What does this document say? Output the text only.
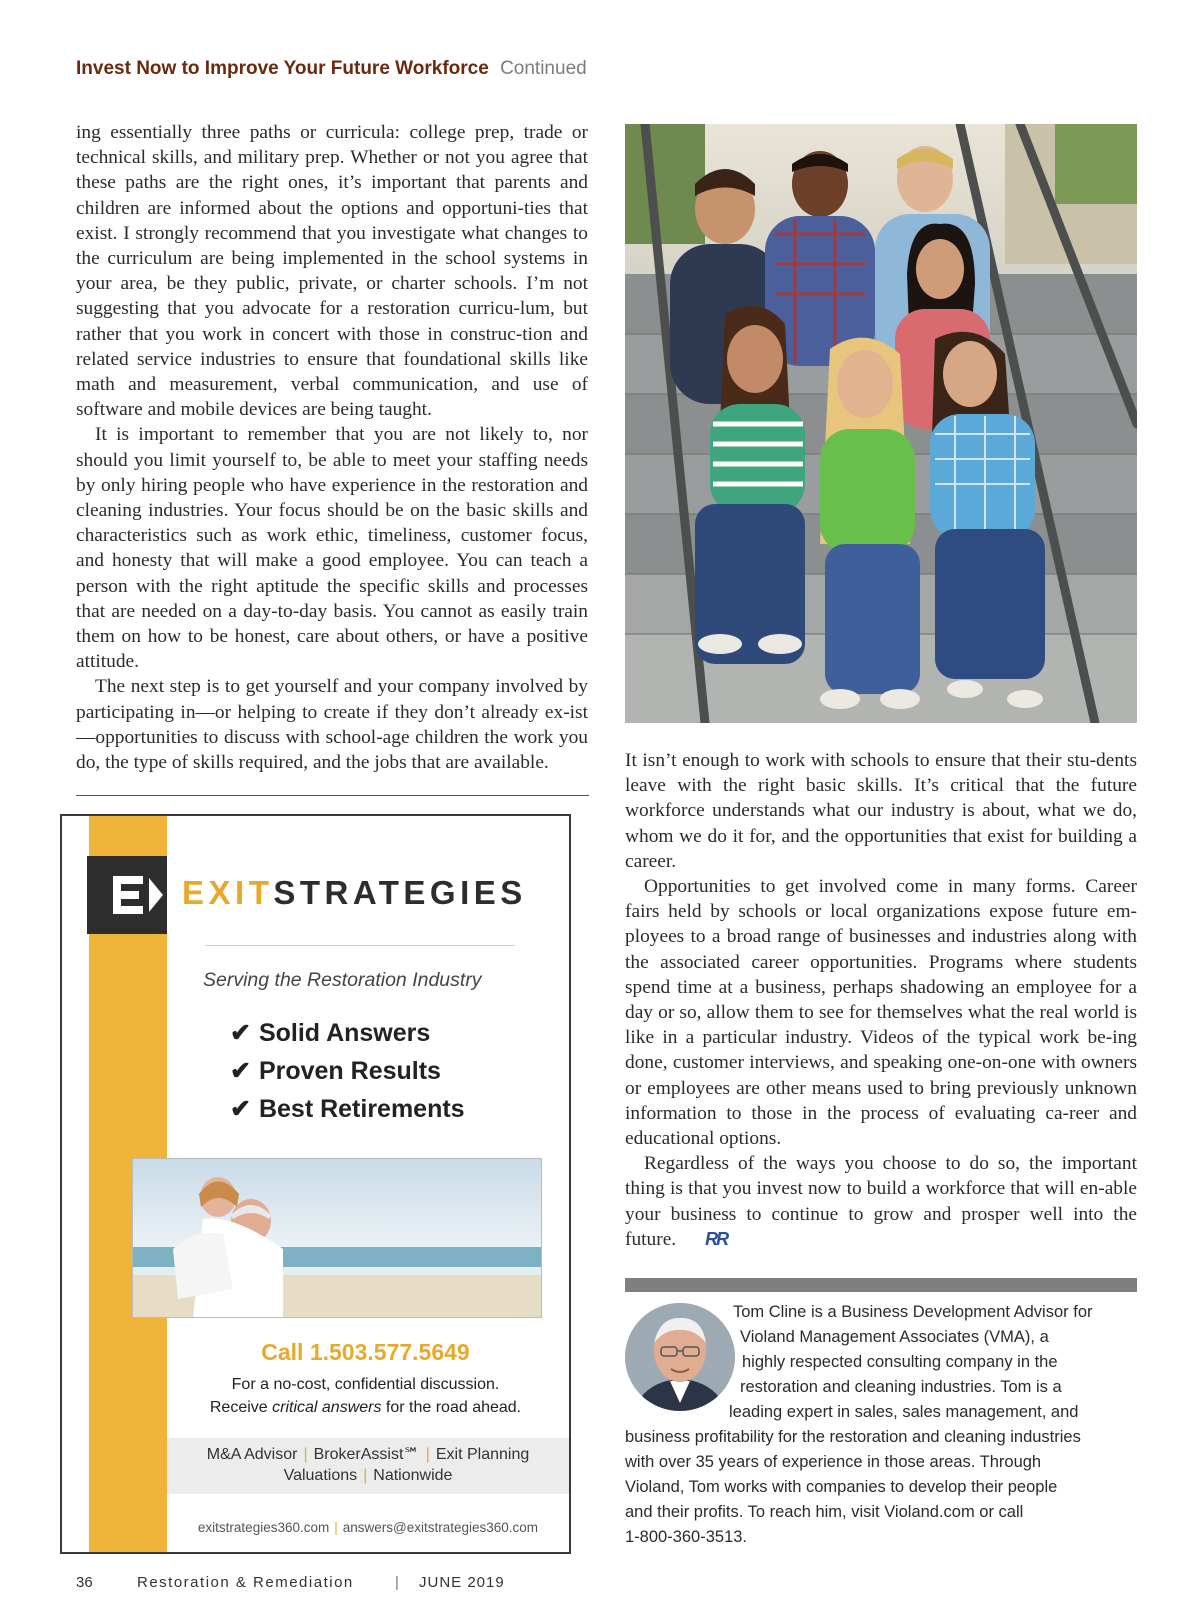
Invest Now to Improve Your Future Workforce Continued

ing essentially three paths or curricula: college prep, trade or technical skills, and military prep. Whether or not you agree that these paths are the right ones, it’s important that parents and children are informed about the options and opportuni-ties that exist. I strongly recommend that you investigate what changes to the curriculum are being implemented in the school systems in your area, be they public, private, or charter schools. I’m not suggesting that you advocate for a restoration curricu-lum, but rather that you work in concert with those in construc-tion and related service industries to ensure that foundational skills like math and measurement, verbal communication, and use of software and mobile devices are being taught.

It is important to remember that you are not likely to, nor should you limit yourself to, be able to meet your staffing needs by only hiring people who have experience in the restoration and cleaning industries. Your focus should be on the basic skills and characteristics such as work ethic, timeliness, customer focus, and honesty that will make a good employee. You can teach a person with the right aptitude the specific skills and processes that are needed on a day-to-day basis. You cannot as easily train them on how to be honest, care about others, or have a positive attitude.

The next step is to get yourself and your company involved by participating in—or helping to create if they don’t already ex-ist—opportunities to discuss with school-age children the work you do, the type of skills required, and the jobs that are available.	It isn’t enough to work with schools to ensure that their stu-dents leave with the right basic skills. It’s critical that the future workforce understands what our industry is about, what we do, whom we do it for, and the opportunities that exist for building a career.

Opportunities to get involved come in many forms. Career fairs held by schools or local organizations expose future em-ployees to a broad range of businesses and industries along with the associated career opportunities. Programs where students spend time at a business, perhaps shadowing an employee for a day or so, allow them to see for themselves what the real world is like in a particular industry. Videos of the typical work be-ing done, customer interviews, and speaking one-on-one with owners or employees are other means used to bring previously unknown information to those in the process of evaluating ca-reer and educational options.

Regardless of the ways you choose to do so, the important thing is that you invest now to build a workforce that will en-able your business to continue to grow and prosper well into the future. RR

EXITSTRATEGIES
Serving the Restoration Industry
✔ Solid Answers
✔ Proven Results
✔ Best Retirements
Call 1.503.577.5649
For a no-cost, confidential discussion.
Receive critical answers for the road ahead.
M&A Advisor | BrokerAssist℠ | Exit Planning
Valuations | Nationwide
exitstrategies360.com | answers@exitstrategies360.com
Tom Cline is a Business Development Advisor for
Violand Management Associates (VMA), a
highly respected consulting company in the
restoration and cleaning industries. Tom is a
leading expert in sales, sales management, and
business profitability for the restoration and cleaning industries
with over 35 years of experience in those areas. Through
Violand, Tom works with companies to develop their people
and their profits. To reach him, visit Violand.com or call
1-800-360-3513.
36	Restoration & Remediation	| JUNE 2019
